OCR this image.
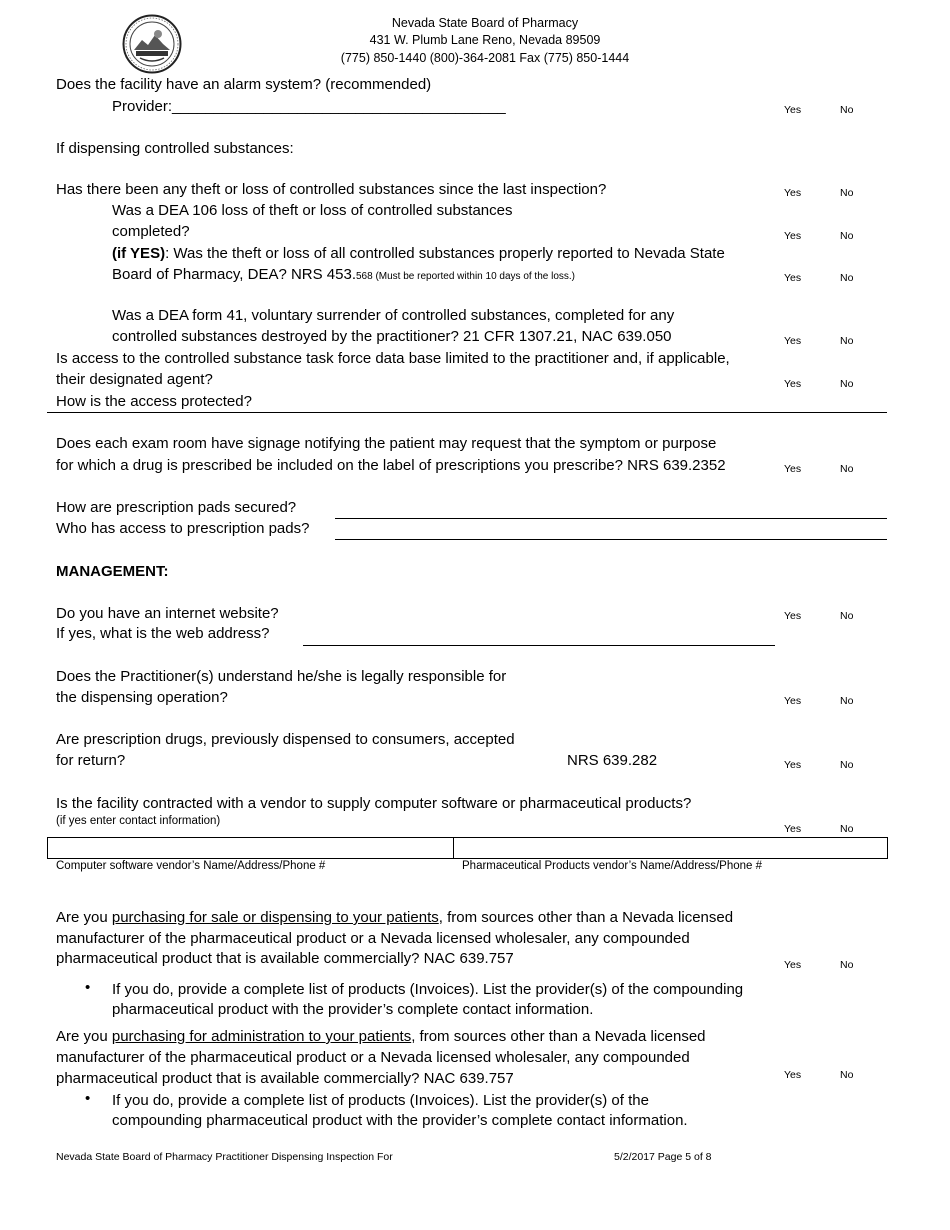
Nevada State Board of Pharmacy
431 W. Plumb Lane Reno, Nevada 89509
(775) 850-1440 (800)-364-2081 Fax (775) 850-1444
Does the facility have an alarm system? (recommended)
Provider:________________________________________	Yes	No
If dispensing controlled substances:
Has there been any theft or loss of controlled substances since the last inspection?	Yes	No
Was a DEA 106 loss of theft or loss of controlled substances
completed?	Yes	No
(if YES): Was the theft or loss of all controlled substances properly reported to Nevada State
Board of Pharmacy, DEA? NRS 453.568 (Must be reported within 10 days of the loss.)	Yes	No
Was a DEA form 41, voluntary surrender of controlled substances, completed for any
controlled substances destroyed by the practitioner? 21 CFR 1307.21, NAC 639.050	Yes	No
Is access to the controlled substance task force data base limited to the practitioner and, if applicable,
their designated agent?	Yes	No
How is the access protected?
Does each exam room have signage notifying the patient may request that the symptom or purpose
for which a drug is prescribed be included on the label of prescriptions you prescribe? NRS 639.2352	Yes	No
How are prescription pads secured?
Who has access to prescription pads?
MANAGEMENT:
Do you have an internet website?	Yes	No
If yes, what is the web address?
Does the Practitioner(s) understand he/she is legally responsible for
the dispensing operation?	Yes	No
Are prescription drugs, previously dispensed to consumers, accepted
for return?	NRS 639.282	Yes	No
Is the facility contracted with a vendor to supply computer software or pharmaceutical products?
(if yes enter contact information)
Yes	No
Computer software vendor’s Name/Address/Phone #	Pharmaceutical Products vendor’s Name/Address/Phone #
Are you purchasing for sale or dispensing to your patients, from sources other than a Nevada licensed
manufacturer of the pharmaceutical product or a Nevada licensed wholesaler, any compounded
pharmaceutical product that is available commercially? NAC 639.757	Yes	No
• If you do, provide a complete list of products (Invoices). List the provider(s) of the compounding
pharmaceutical product with the provider’s complete contact information.
Are you purchasing for administration to your patients, from sources other than a Nevada licensed
manufacturer of the pharmaceutical product or a Nevada licensed wholesaler, any compounded
pharmaceutical product that is available commercially? NAC 639.757	Yes	No
• If you do, provide a complete list of products (Invoices). List the provider(s) of the
compounding pharmaceutical product with the provider’s complete contact information.
Nevada State Board of Pharmacy Practitioner Dispensing Inspection For	5/2/2017 Page 5 of 8
